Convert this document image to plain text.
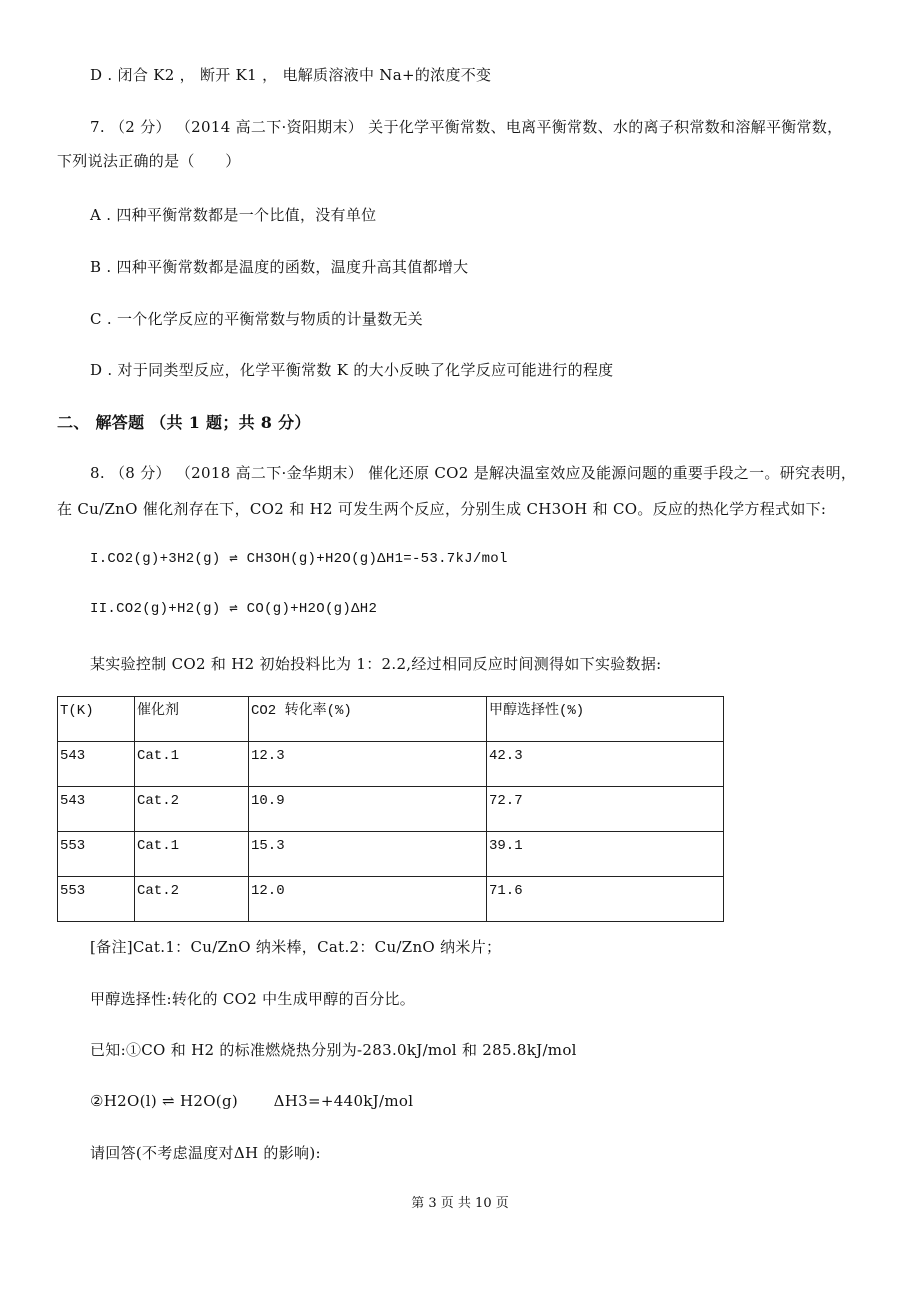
D . 闭合 K2 ， 断开 K1 ， 电解质溶液中 Na+的浓度不变
7. （2 分） （2014 高二下·资阳期末） 关于化学平衡常数、电离平衡常数、水的离子积常数和溶解平衡常数，
下列说法正确的是（　　）
A . 四种平衡常数都是一个比值，没有单位
B . 四种平衡常数都是温度的函数，温度升高其值都增大
C . 一个化学反应的平衡常数与物质的计量数无关
D . 对于同类型反应，化学平衡常数 K 的大小反映了化学反应可能进行的程度
二、 解答题 （共 1 题；共 8 分）
8. （8 分） （2018 高二下·金华期末） 催化还原 CO2 是解决温室效应及能源问题的重要手段之一。研究表明，
在 Cu/ZnO 催化剂存在下，CO2 和 H2 可发生两个反应，分别生成 CH3OH 和 CO。反应的热化学方程式如下:
I.CO2(g)+3H2(g) ⇌ CH3OH(g)+H2O(g)ΔH1=-53.7kJ/mol
II.CO2(g)+H2(g) ⇌ CO(g)+H2O(g)ΔH2
某实验控制 CO2 和 H2 初始投料比为 1：2.2,经过相同反应时间测得如下实验数据:
T(K)	催化剂	CO2 转化率(%)	甲醇选择性(%)
543	Cat.1	12.3	42.3
543	Cat.2	10.9	72.7
553	Cat.1	15.3	39.1
553	Cat.2	12.0	71.6
[备注]Cat.1：Cu/ZnO 纳米棒，Cat.2：Cu/ZnO 纳米片；
甲醇选择性:转化的 CO2 中生成甲醇的百分比。
已知:①CO 和 H2 的标准燃烧热分别为-283.0kJ/mol 和 285.8kJ/mol
②H2O(l) ⇌ H2O(g)　　 ΔH3=+440kJ/mol
请回答(不考虑温度对ΔH 的影响):
第 3 页 共 10 页
